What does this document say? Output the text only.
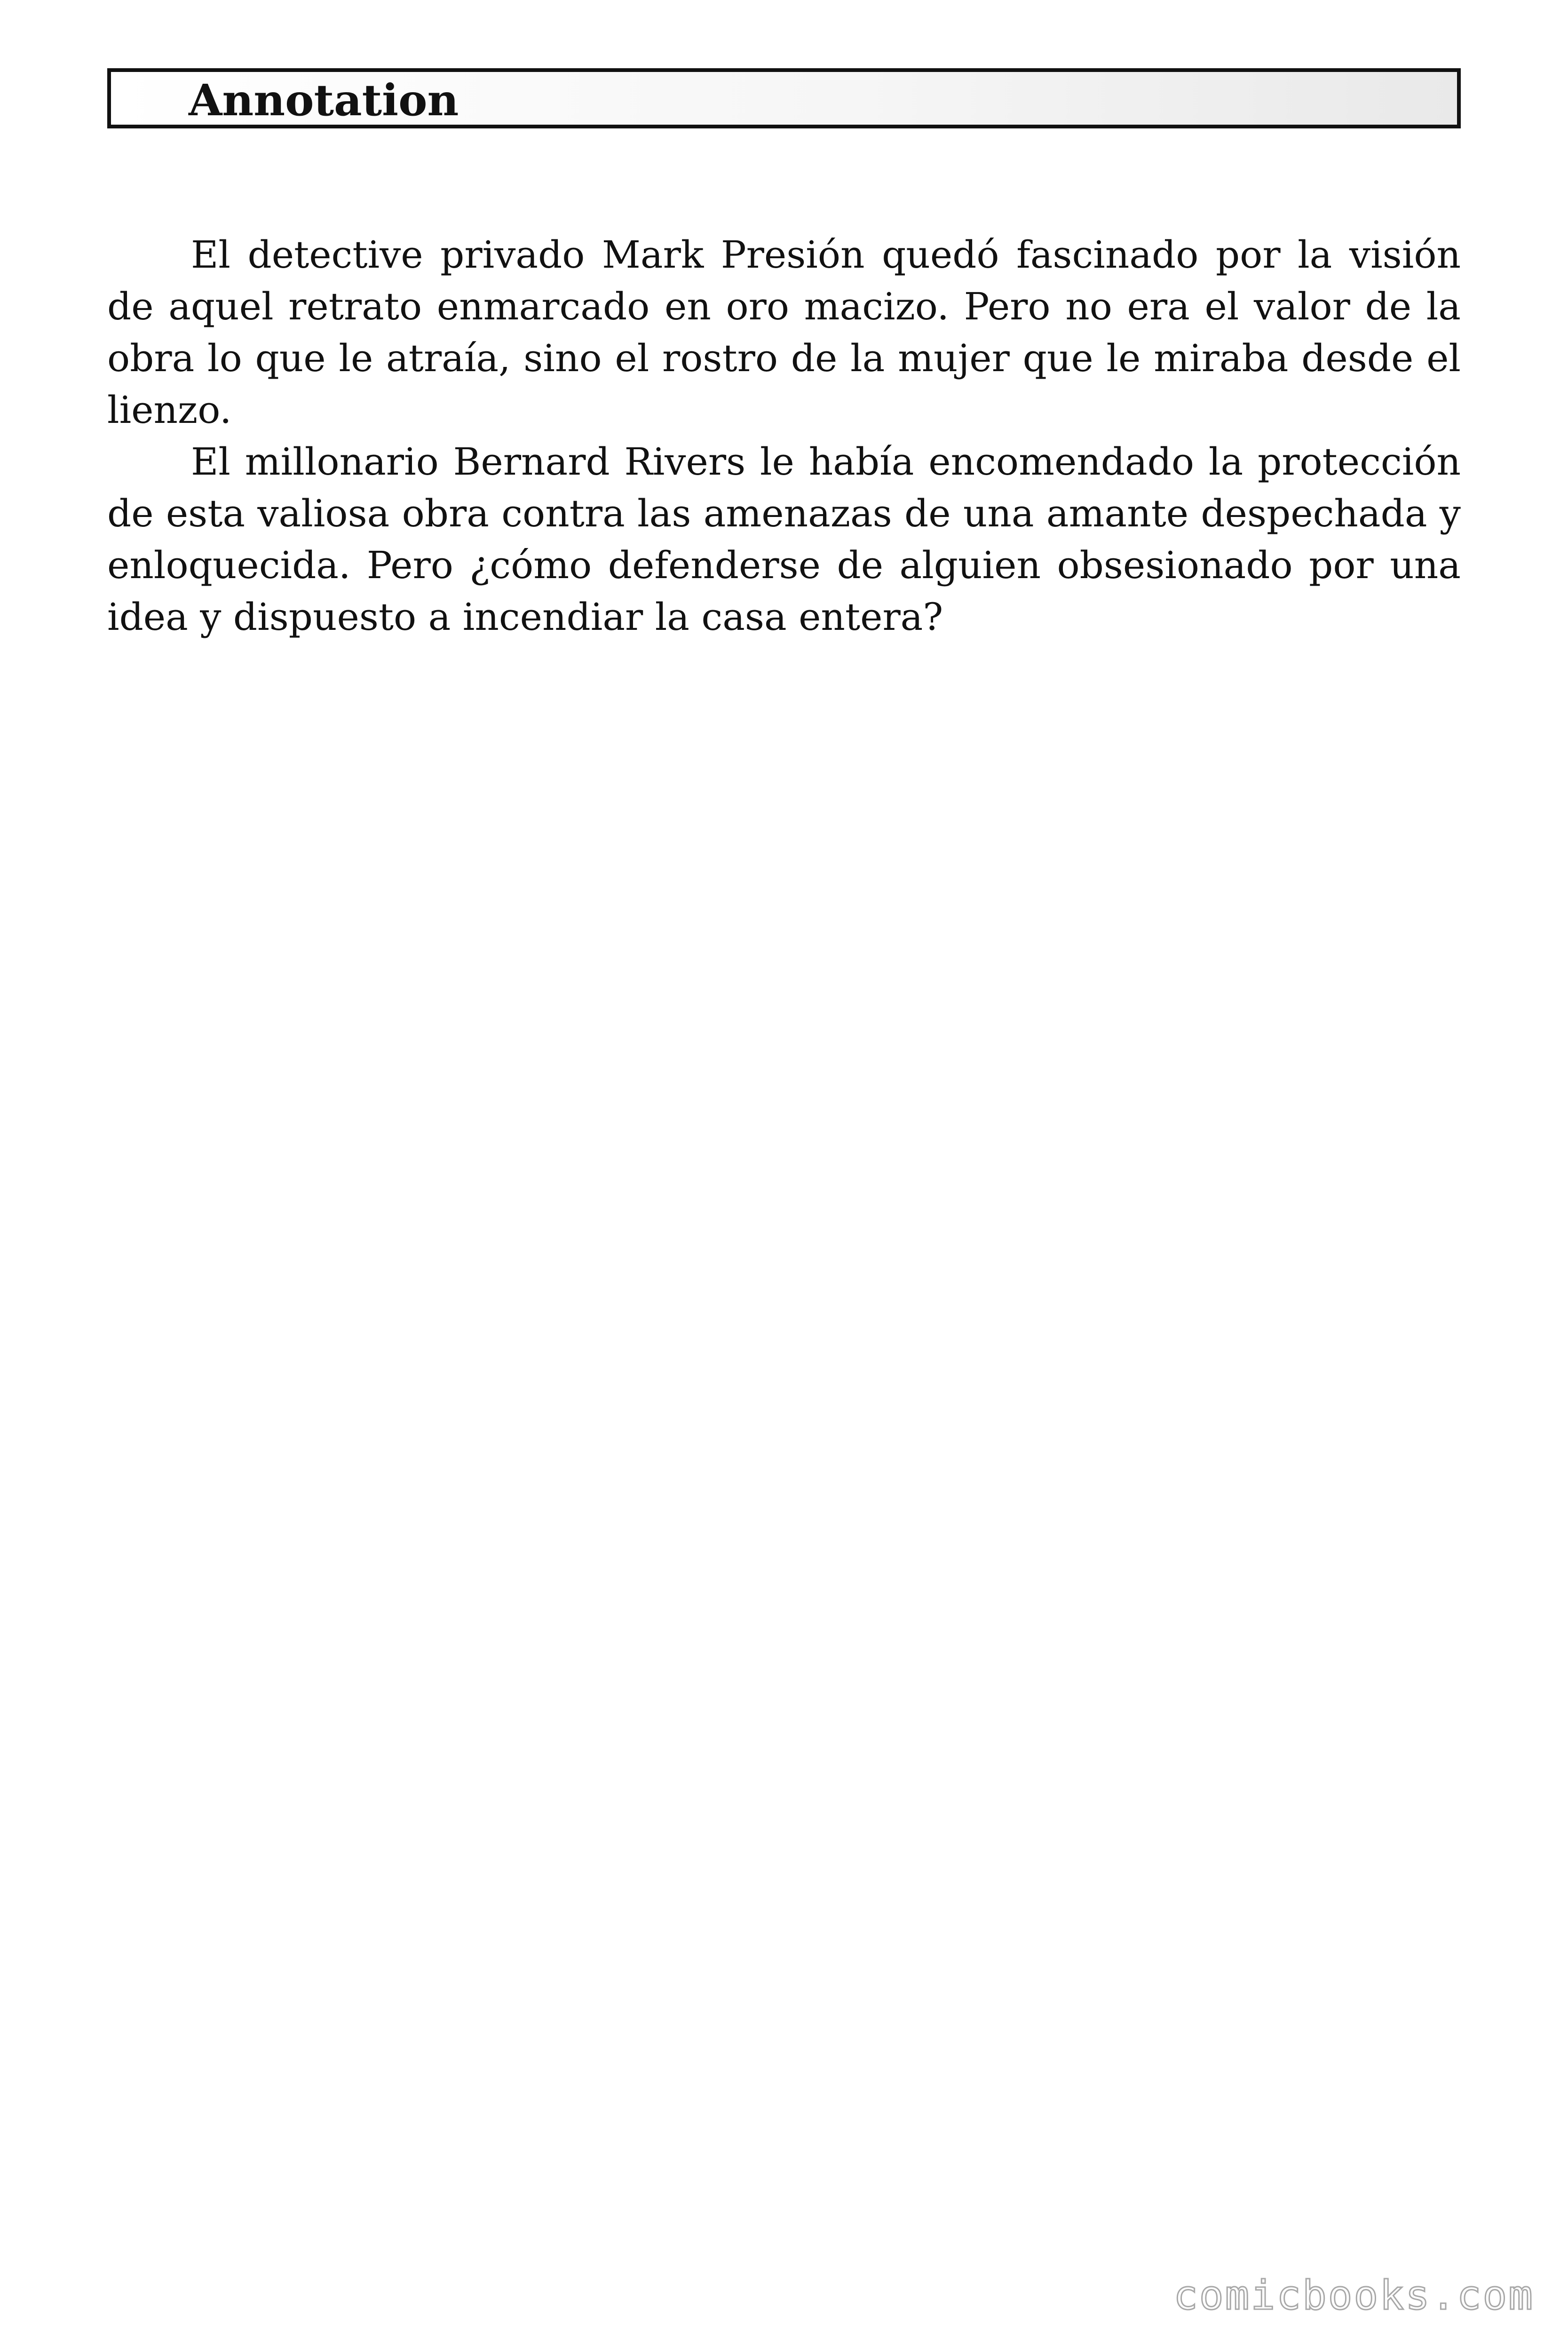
Annotation

El detective privado Mark Presión quedó fascinado por la visión de aquel retrato enmarcado en oro macizo. Pero no era el valor de la obra lo que le atraía, sino el rostro de la mujer que le miraba desde el lienzo.

El millonario Bernard Rivers le había encomendado la protección de esta valiosa obra contra las amenazas de una amante despechada y enloquecida. Pero ¿cómo defenderse de alguien obsesionado por una idea y dispuesto a incendiar la casa entera?

comicbooks.com
